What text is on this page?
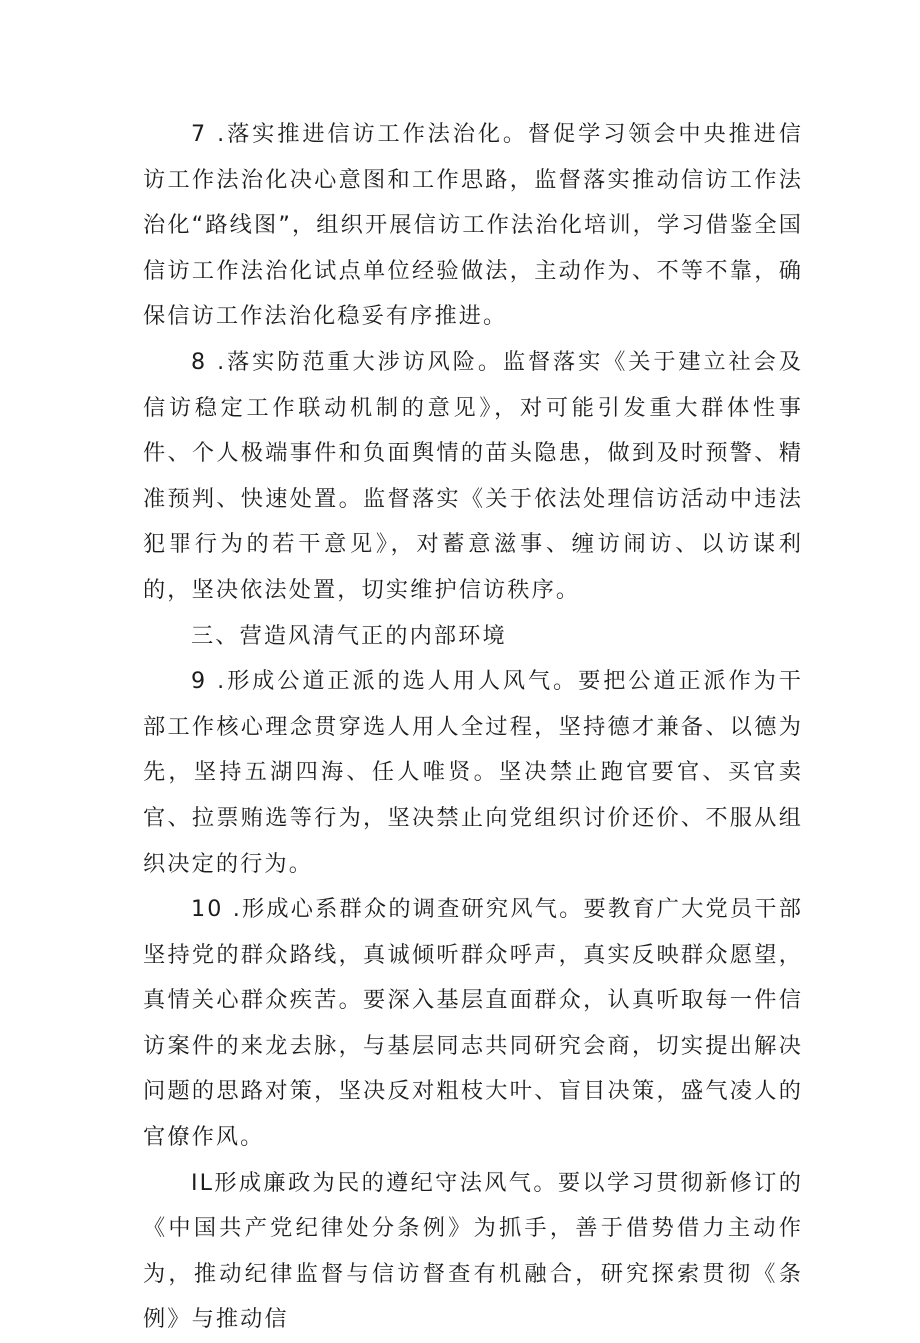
7 .落实推进信访工作法治化。督促学习领会中央推进信访工作法治化决心意图和工作思路，监督落实推动信访工作法治化“路线图”，组织开展信访工作法治化培训，学习借鉴全国信访工作法治化试点单位经验做法，主动作为、不等不靠，确保信访工作法治化稳妥有序推进。

8 .落实防范重大涉访风险。监督落实《关于建立社会及信访稳定工作联动机制的意见》，对可能引发重大群体性事件、个人极端事件和负面舆情的苗头隐患，做到及时预警、精准预判、快速处置。监督落实《关于依法处理信访活动中违法犯罪行为的若干意见》，对蓄意滋事、缠访闹访、以访谋利的，坚决依法处置，切实维护信访秩序。

三、营造风清气正的内部环境

9 .形成公道正派的选人用人风气。要把公道正派作为干部工作核心理念贯穿选人用人全过程，坚持德才兼备、以德为先，坚持五湖四海、任人唯贤。坚决禁止跑官要官、买官卖官、拉票贿选等行为，坚决禁止向党组织讨价还价、不服从组织决定的行为。

10 .形成心系群众的调查研究风气。要教育广大党员干部坚持党的群众路线，真诚倾听群众呼声，真实反映群众愿望，真情关心群众疾苦。要深入基层直面群众，认真听取每一件信访案件的来龙去脉，与基层同志共同研究会商，切实提出解决问题的思路对策，坚决反对粗枝大叶、盲目决策，盛气凌人的官僚作风。

IL形成廉政为民的遵纪守法风气。要以学习贯彻新修订的《中国共产党纪律处分条例》为抓手，善于借势借力主动作为，推动纪律监督与信访督查有机融合，研究探索贯彻《条例》与推动信
